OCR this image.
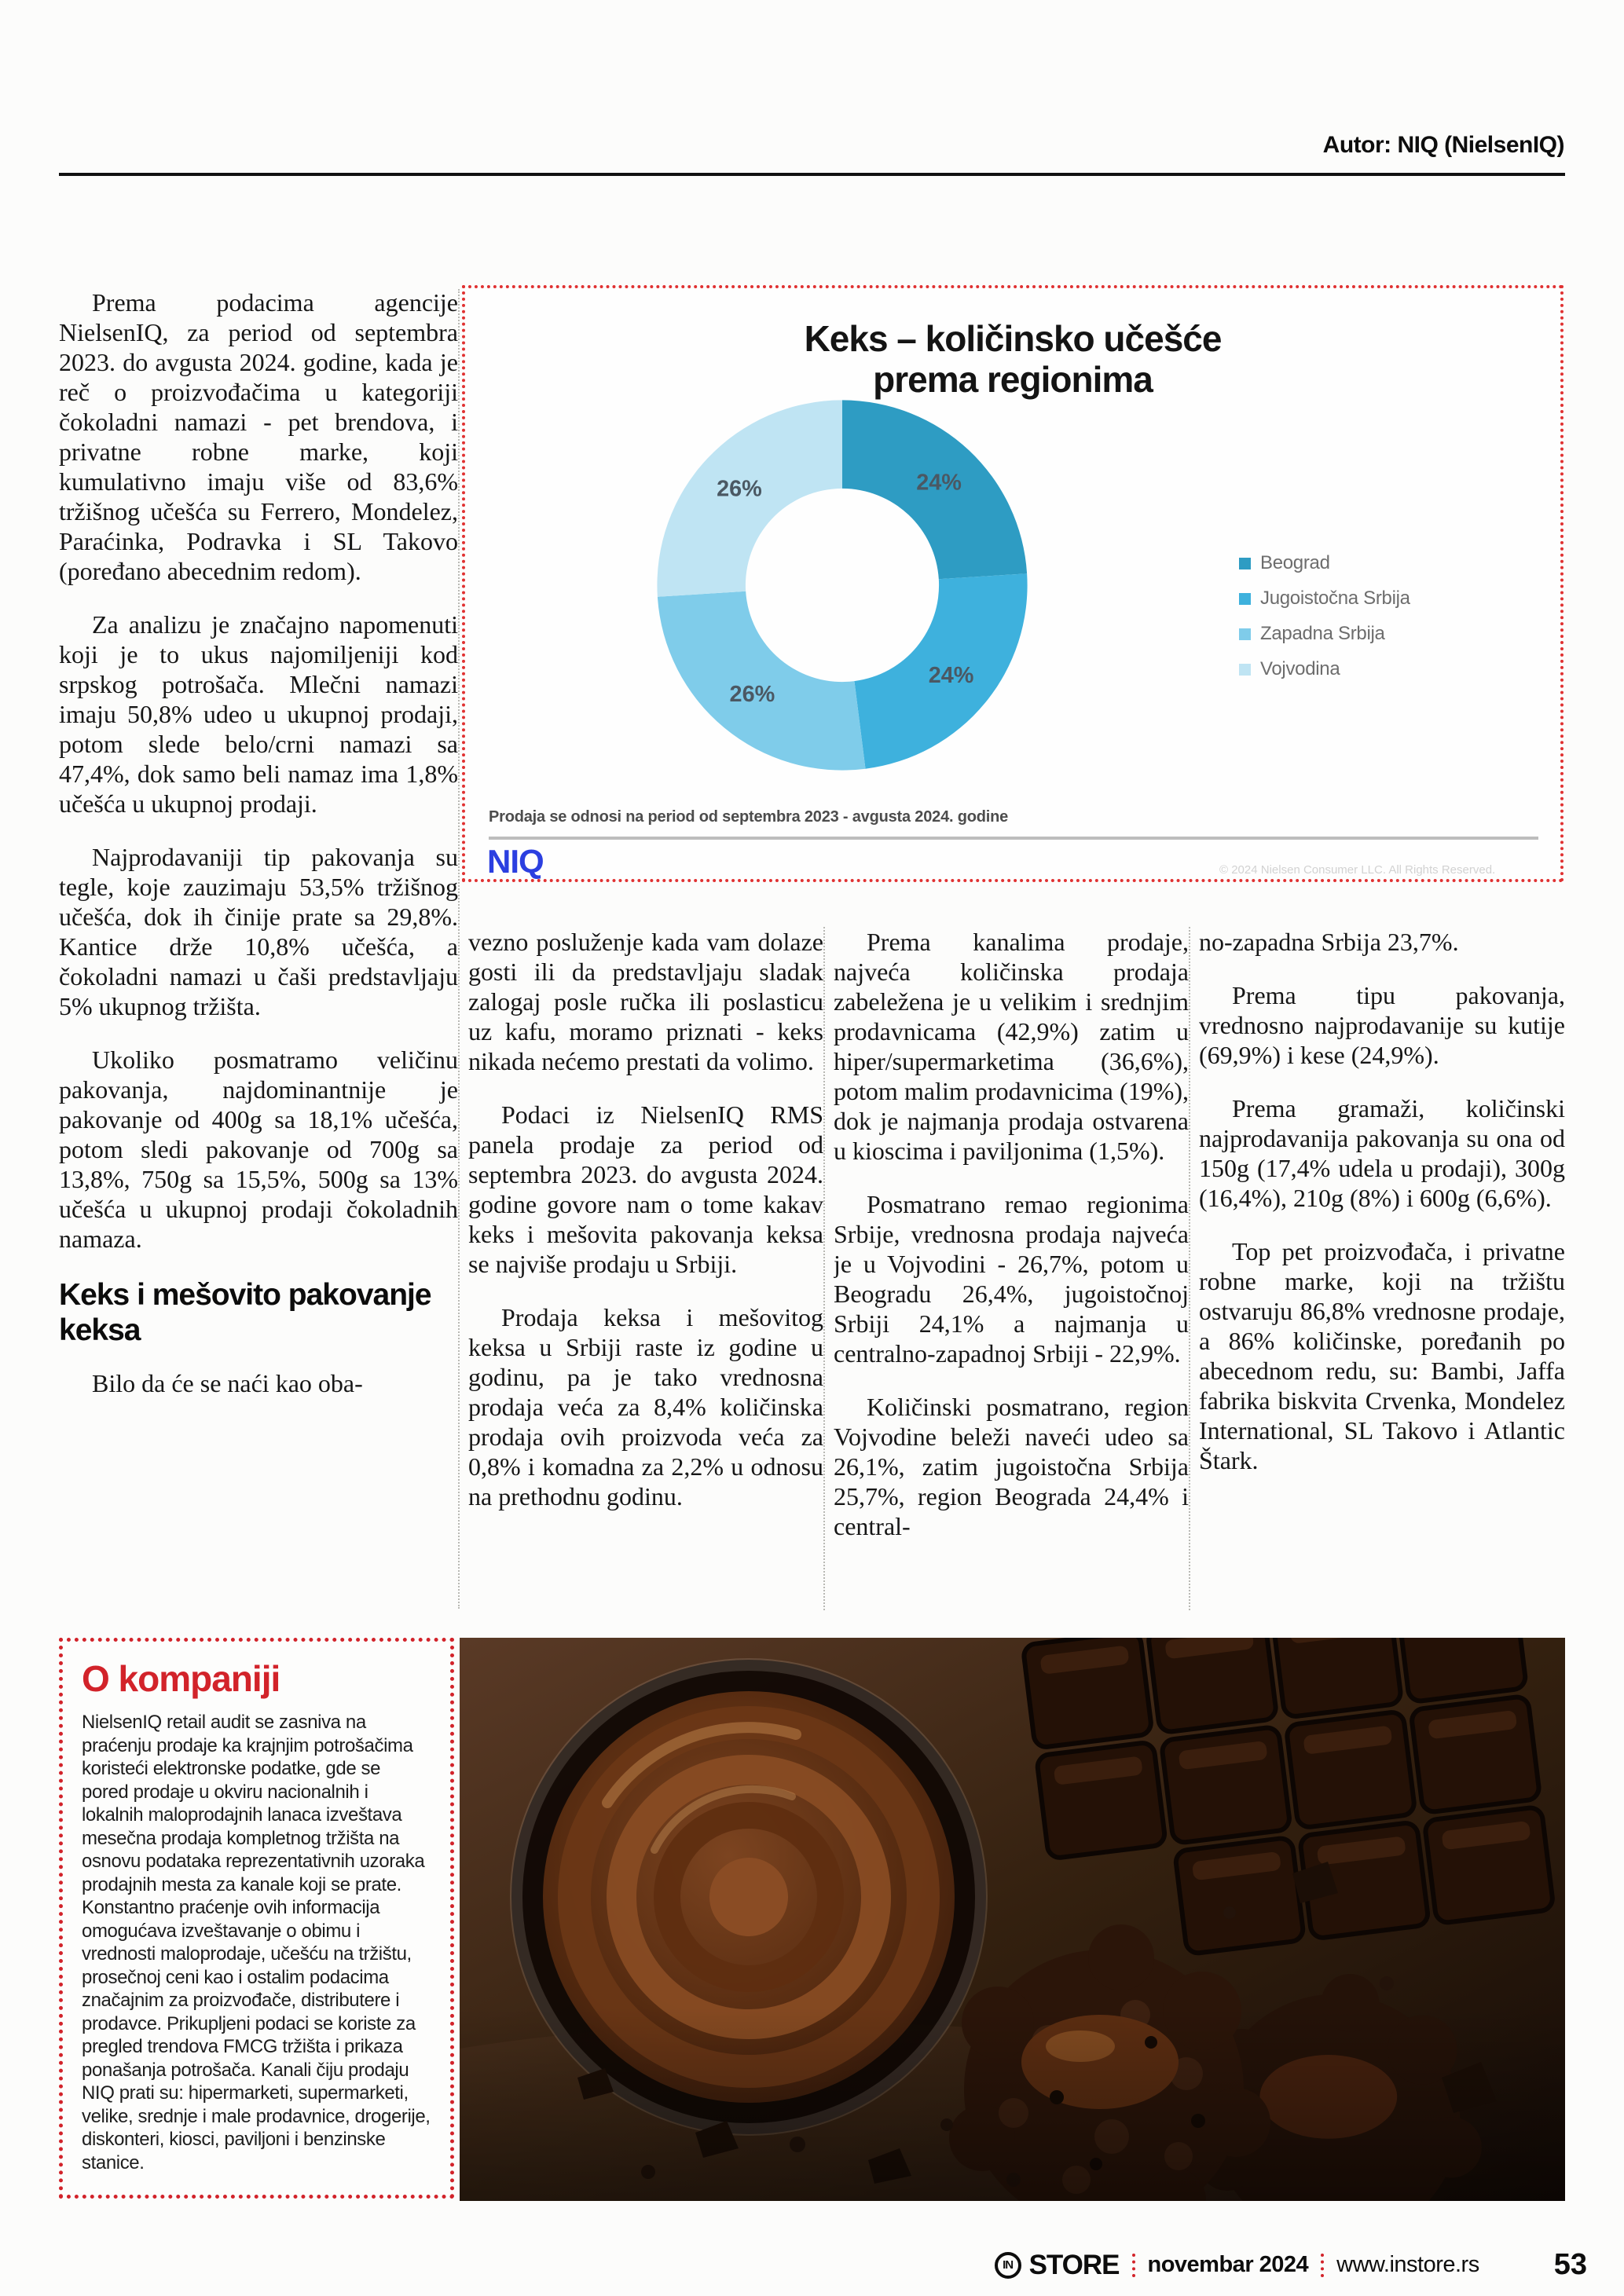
Autor: NIQ (NielsenIQ)
Keks – količinsko učešće
prema regionima
24%
24%
26%
26%
Beograd
Jugoistočna Srbija
Zapadna Srbija
Vojvodina
Prodaja se odnosi na period od septembra 2023 - avgusta 2024. godine
NIQ	© 2024 Nielsen Consumer LLC. All Rights Reserved.

Prema podacima agencije NielsenIQ, za period od septembra 2023. do avgusta 2024. godine, kada je reč o proizvođačima u kategoriji čokoladni namazi - pet brendova, i privatne robne marke, koji kumulativno imaju više od 83,6% tržišnog učešća su Ferrero, Mondelez, Paraćinka, Podravka i SL Takovo (poređano abecednim redom).

Za analizu je značajno napomenuti koji je to ukus najomiljeniji kod srpskog potrošača. Mlečni namazi imaju 50,8% udeo u ukupnoj prodaji, potom slede belo/crni namazi sa 47,4%, dok samo beli namaz ima 1,8% učešća u ukupnoj prodaji.

Najprodavaniji tip pakovanja su tegle, koje zauzimaju 53,5% tržišnog učešća, dok ih činije prate sa 29,8%. Kantice drže 10,8% učešća, a čokoladni namazi u čaši predstavljaju 5% ukupnog tržišta.

Ukoliko posmatramo veličinu pakovanja, najdominantnije je pakovanje od 400g sa 18,1% učešća, potom sledi pakovanje od 700g sa 13,8%, 750g sa 15,5%, 500g sa 13% učešća u ukupnoj prodaji čokoladnih namaza.

Keks i mešovito pakovanje keksa

Bilo da će se naći kao oba-

vezno posluženje kada vam dolaze gosti ili da predstavljaju sladak zalogaj posle ručka ili poslasticu uz kafu, moramo priznati - keks nikada nećemo prestati da volimo.

Podaci iz NielsenIQ RMS panela prodaje za period od septembra 2023. do avgusta 2024. godine govore nam o tome kakav keks i mešovita pakovanja keksa se najviše prodaju u Srbiji.

Prodaja keksa i mešovitog keksa u Srbiji raste iz godine u godinu, pa je tako vrednosna prodaja veća za 8,4% količinska prodaja ovih proizvoda veća za 0,8% i komadna za 2,2% u odnosu na prethodnu godinu.

Prema kanalima prodaje, najveća količinska prodaja zabeležena je u velikim i srednjim prodavnicama (42,9%) zatim u hiper/supermarketima (36,6%), potom malim prodavnicima (19%), dok je najmanja prodaja ostvarena u kioscima i paviljonima (1,5%).

Posmatrano remao regionima Srbije, vrednosna prodaja najveća je u Vojvodini - 26,7%, potom u Beogradu 26,4%, jugoistočnoj Srbiji 24,1% a najmanja u centralno-zapadnoj Srbiji - 22,9%.

Količinski posmatrano, region Vojvodine beleži naveći udeo sa 26,1%, zatim jugoistočna Srbija 25,7%, region Beograda 24,4% i central-

no-zapadna Srbija 23,7%.

Prema tipu pakovanja, vrednosno najprodavanije su kutije (69,9%) i kese (24,9%).

Prema gramaži, količinski najprodavanija pakovanja su ona od 150g (17,4% udela u prodaji), 300g (16,4%), 210g (8%) i 600g (6,6%).

Top pet proizvođača, i privatne robne marke, koji na tržištu ostvaruju 86,8% vrednosne prodaje, a 86% količinske, poređanih po abecednom redu, su: Bambi, Jaffa fabrika biskvita Crvenka, Mondelez International, SL Takovo i Atlantic Štark.

O kompaniji

NielsenIQ retail audit se zasniva na praćenju prodaje ka krajnjim potrošačima koristeći elektronske podatke, gde se pored prodaje u okviru nacionalnih i lokalnih maloprodajnih lanaca izveštava mesečna prodaja kompletnog tržišta na osnovu podataka reprezentativnih uzoraka prodajnih mesta za kanale koji se prate. Konstantno praćenje ovih informacija omogućava izveštavanje o obimu i vrednosti maloprodaje, učešću na tržištu, prosečnoj ceni kao i ostalim podacima značajnim za proizvođače, distributere i prodavce. Prikupljeni podaci se koriste za pregled trendova FMCG tržišta i prikaza ponašanja potrošača. Kanali čiju prodaju NIQ prati su: hipermarketi, supermarketi, velike, srednje i male prodavnice, drogerije, diskonteri, kiosci, paviljoni i benzinske stanice.

IN STORE novembar 2024 www.instore.rs	53
